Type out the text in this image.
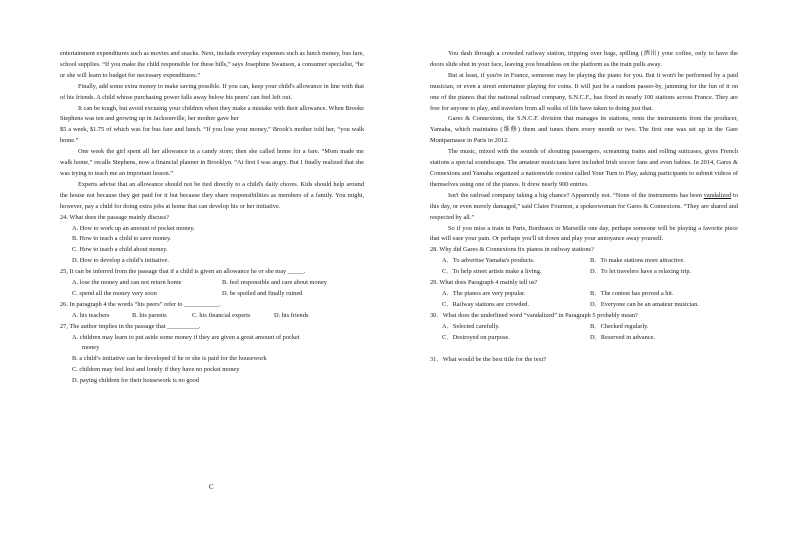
entertainment expenditures such as movies and snacks. Next, include everyday expenses such as lunch money, bus fare, school supplies. “If you make the child responsible for these bills,” says Josephine Swanson, a consumer specialist, “he or she will learn to budget for necessary expenditures.”

Finally, add some extra money to make saving possible. If you can, keep your child's allowance in line with that of his friends. A child whose purchasing power falls away below his peers' can feel left out.

It can be tough, but avoid excusing your children when they make a mistake with their allowance. When Brooke Stephens was ten and growing up in Jacksonville, her mother gave her

$5 a week, $1.75 of which was for bus fare and lunch. “If you lose your money,” Brook's mother told her, “you walk home.”

One week the girl spent all her allowance in a candy store; then she called home for a fare. “Mom made me walk home,” recalls Stephens, now a financial planner in Brooklyn. “At first I was angry. But I finally realized that she was trying to teach me an important lesson.”

Experts advise that an allowance should not be tied directly to a child's daily chores. Kids should help around the house not because they get paid for it but because they share responsibilities as members of a family. You might, however, pay a child for doing extra jobs at home that can develop his or her initiative.

24. What does the passage mainly discuss?

A. How to work up an amount of pocket money.

B. How to teach a child to save money.

C. How to teach a child about money.

D. How to develop a child’s initiative.

25, It can be inferred from the passage that if a child is given an allowance he or she may _____.

A. lose the money and can not return home	B. feel responsible and care about money
C. spend all the money very soon	D. be spoiled and finally ruined

26. In paragraph 4 the words “his peers” refer to ___________.

A. his teachers	B. his parents	C. his financial experts	D. his friends

27, The author implies in the passage that __________.

A. children may learn to put aside some money if they are given a great amount of pocket

money

B. a child’s initiative can be developed if he or she is paid for the housework

C. children may feel lost and lonely if they have no pocket money

D. paying children for their housework is no good

C

You dash through a crowded railway station, tripping over bags, spilling (洒出) your coffee, only to have the doors slide shut in your face, leaving you breathless on the platform as the train pulls away.

But at least, if you're in France, someone may be playing the piano for you. But it won't be performed by a paid musician, or even a street entertainer playing for coins. It will just be a random passer-by, jamming for the fun of it on one of the pianos that the national railroad company, S.N.C.F., has fixed in nearly 100 stations across France. They are free for anyone to play, and travelers from all walks of life have taken to doing just that.

Gares & Connexions, the S.N.C.F. division that manages its stations, rents the instruments from the producer, Yamaha, which maintains (维修) them and tunes them every month or two. The first one was set up in the Gare Montparnasse in Paris in 2012.

The music, mixed with the sounds of shouting passengers, screaming trains and rolling suitcases, gives French stations a special soundscape. The amateur musicians have included Irish soccer fans and even babies. In 2014, Gares & Connexions and Yamaha organized a nationwide contest called Your Turn to Play, asking participants to submit videos of themselves using one of the pianos. It drew nearly 900 entries.

Isn't the railroad company taking a big chance? Apparently not. “None of the instruments has been vandalized to this day, or even merely damaged,” said Claire Fournon, a spokeswoman for Gares & Connexions. “They are shared and respected by all.”

So if you miss a train in Paris, Bordeaux or Marseille one day, perhaps someone will be playing a favorite piece that will ease your pain. Or perhaps you'll sit down and play your annoyance away yourself.

28. Why did Gares & Connexions fix pianos in railway stations?

A．To advertise Yamaha's products.	B．To make stations more attractive.
C．To help street artists make a living.	D．To let travelers have a relaxing trip.

29. What does Paragraph 4 mainly tell us?

A．The pianos are very popular.	B．The contest has proved a hit.
C．Railway stations are crowded.	D．Everyone can be an amateur musician.

30．What does the underlined word “vandalized” in Paragraph 5 probably mean?

A．Selected carefully.	B．Checked regularly.
C．Destroyed on purpose.	D．Reserved in advance.

31．What would be the best title for the text?
